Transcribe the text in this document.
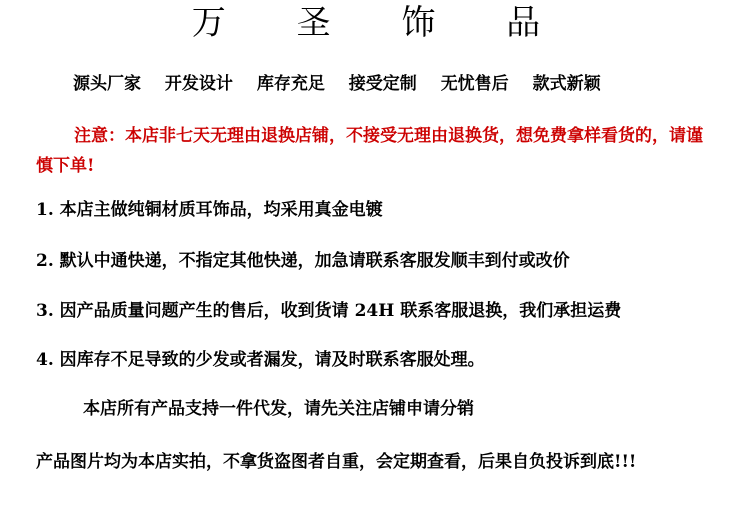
万 圣 饰 品
源头厂家 开发设计 库存充足 接受定制 无忧售后 款式新颖
注意：本店非七天无理由退换店铺，不接受无理由退换货，想免费拿样看货的，请谨慎下单!
1. 本店主做纯铜材质耳饰品，均采用真金电镀
2. 默认中通快递，不指定其他快递，加急请联系客服发顺丰到付或改价
3. 因产品质量问题产生的售后，收到货请 24H 联系客服退换，我们承担运费
4. 因库存不足导致的少发或者漏发，请及时联系客服处理。
本店所有产品支持一件代发，请先关注店铺申请分销
产品图片均为本店实拍，不拿货盗图者自重，会定期查看，后果自负投诉到底!!!
